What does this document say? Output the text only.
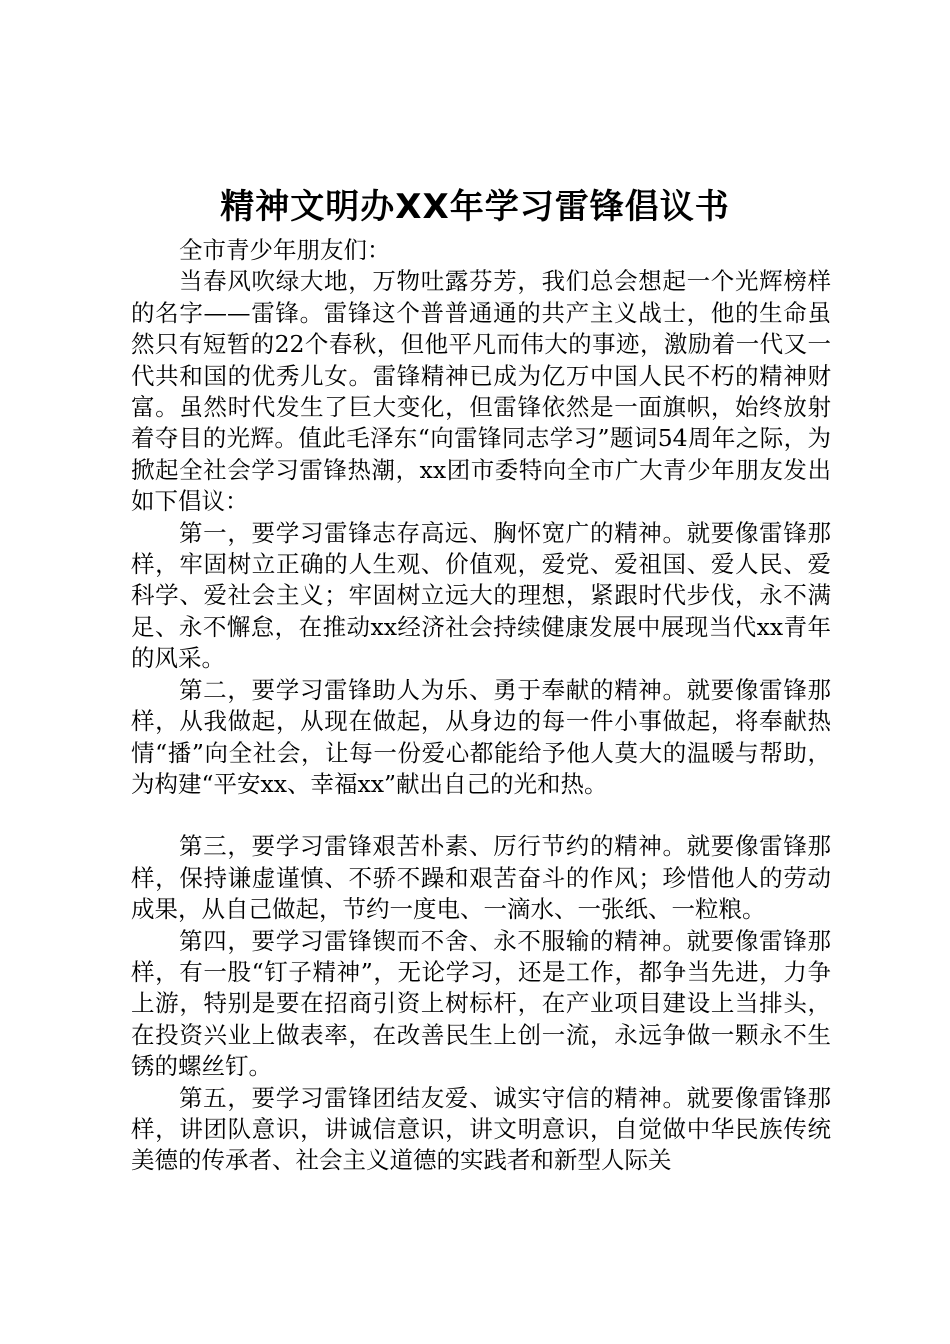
精神文明办XX年学习雷锋倡议书

全市青少年朋友们：

当春风吹绿大地，万物吐露芬芳，我们总会想起一个光辉榜样的名字——雷锋。雷锋这个普普通通的共产主义战士，他的生命虽然只有短暂的22个春秋，但他平凡而伟大的事迹，激励着一代又一代共和国的优秀儿女。雷锋精神已成为亿万中国人民不朽的精神财富。虽然时代发生了巨大变化，但雷锋依然是一面旗帜，始终放射着夺目的光辉。值此毛泽东“向雷锋同志学习”题词54周年之际，为掀起全社会学习雷锋热潮，xx团市委特向全市广大青少年朋友发出如下倡议：

第一，要学习雷锋志存高远、胸怀宽广的精神。就要像雷锋那样，牢固树立正确的人生观、价值观，爱党、爱祖国、爱人民、爱科学、爱社会主义；牢固树立远大的理想，紧跟时代步伐，永不满足、永不懈怠，在推动xx经济社会持续健康发展中展现当代xx青年的风采。

第二，要学习雷锋助人为乐、勇于奉献的精神。就要像雷锋那样，从我做起，从现在做起，从身边的每一件小事做起，将奉献热情“播”向全社会，让每一份爱心都能给予他人莫大的温暖与帮助，为构建“平安xx、幸福xx”献出自己的光和热。

第三，要学习雷锋艰苦朴素、厉行节约的精神。就要像雷锋那样，保持谦虚谨慎、不骄不躁和艰苦奋斗的作风；珍惜他人的劳动成果，从自己做起，节约一度电、一滴水、一张纸、一粒粮。

第四，要学习雷锋锲而不舍、永不服输的精神。就要像雷锋那样，有一股“钉子精神”，无论学习，还是工作，都争当先进，力争上游，特别是要在招商引资上树标杆，在产业项目建设上当排头，在投资兴业上做表率，在改善民生上创一流，永远争做一颗永不生锈的螺丝钉。

第五，要学习雷锋团结友爱、诚实守信的精神。就要像雷锋那样，讲团队意识，讲诚信意识，讲文明意识，自觉做中华民族传统美德的传承者、社会主义道德的实践者和新型人际关
